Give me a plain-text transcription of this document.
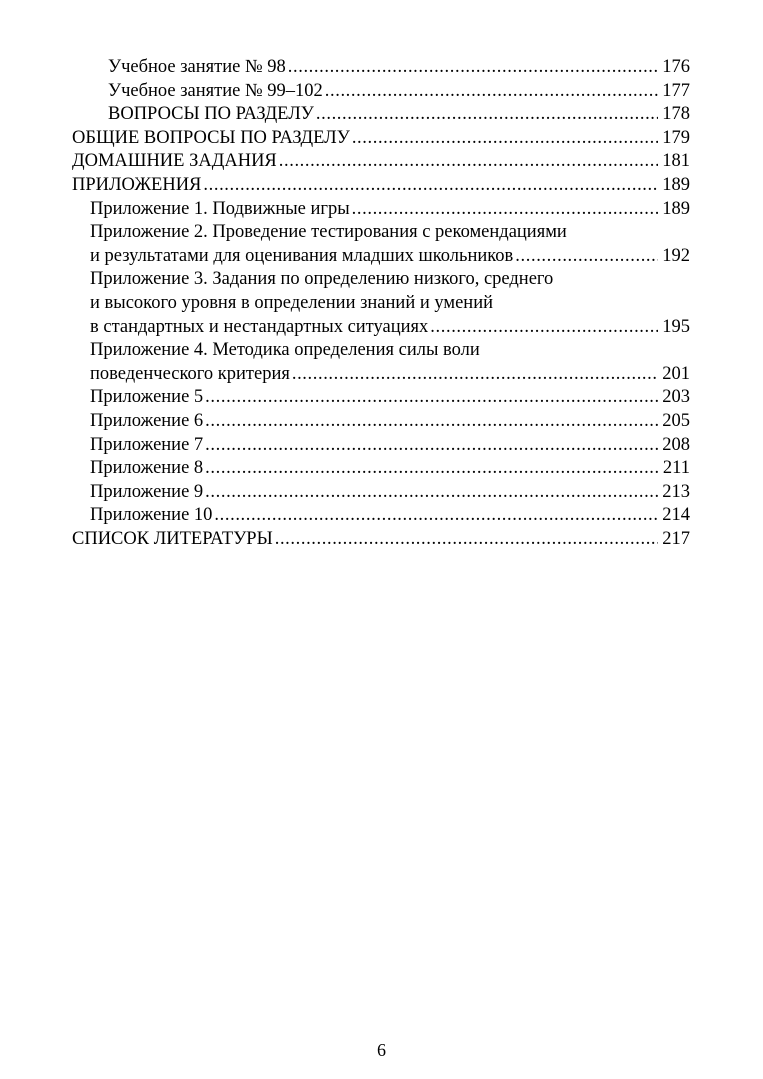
Учебное занятие № 98 .....	176
Учебное занятие № 99–102 .....	177
ВОПРОСЫ ПО РАЗДЕЛУ .....	178
ОБЩИЕ ВОПРОСЫ ПО РАЗДЕЛУ .....	179
ДОМАШНИЕ ЗАДАНИЯ .....	181
ПРИЛОЖЕНИЯ .....	189
Приложение 1. Подвижные игры .....	189
Приложение 2. Проведение тестирования с рекомендациями
и результатами для оценивания младших школьников .....	192
Приложение 3. Задания по определению низкого, среднего
и высокого уровня в определении знаний и умений
в стандартных и нестандартных ситуациях .....	195
Приложение 4. Методика определения силы воли
поведенческого критерия .....	201
Приложение 5 .....	203
Приложение 6 .....	205
Приложение 7 .....	208
Приложение 8 .....	211
Приложение 9 .....	213
Приложение 10 .....	214
СПИСОК ЛИТЕРАТУРЫ .....	217
6
